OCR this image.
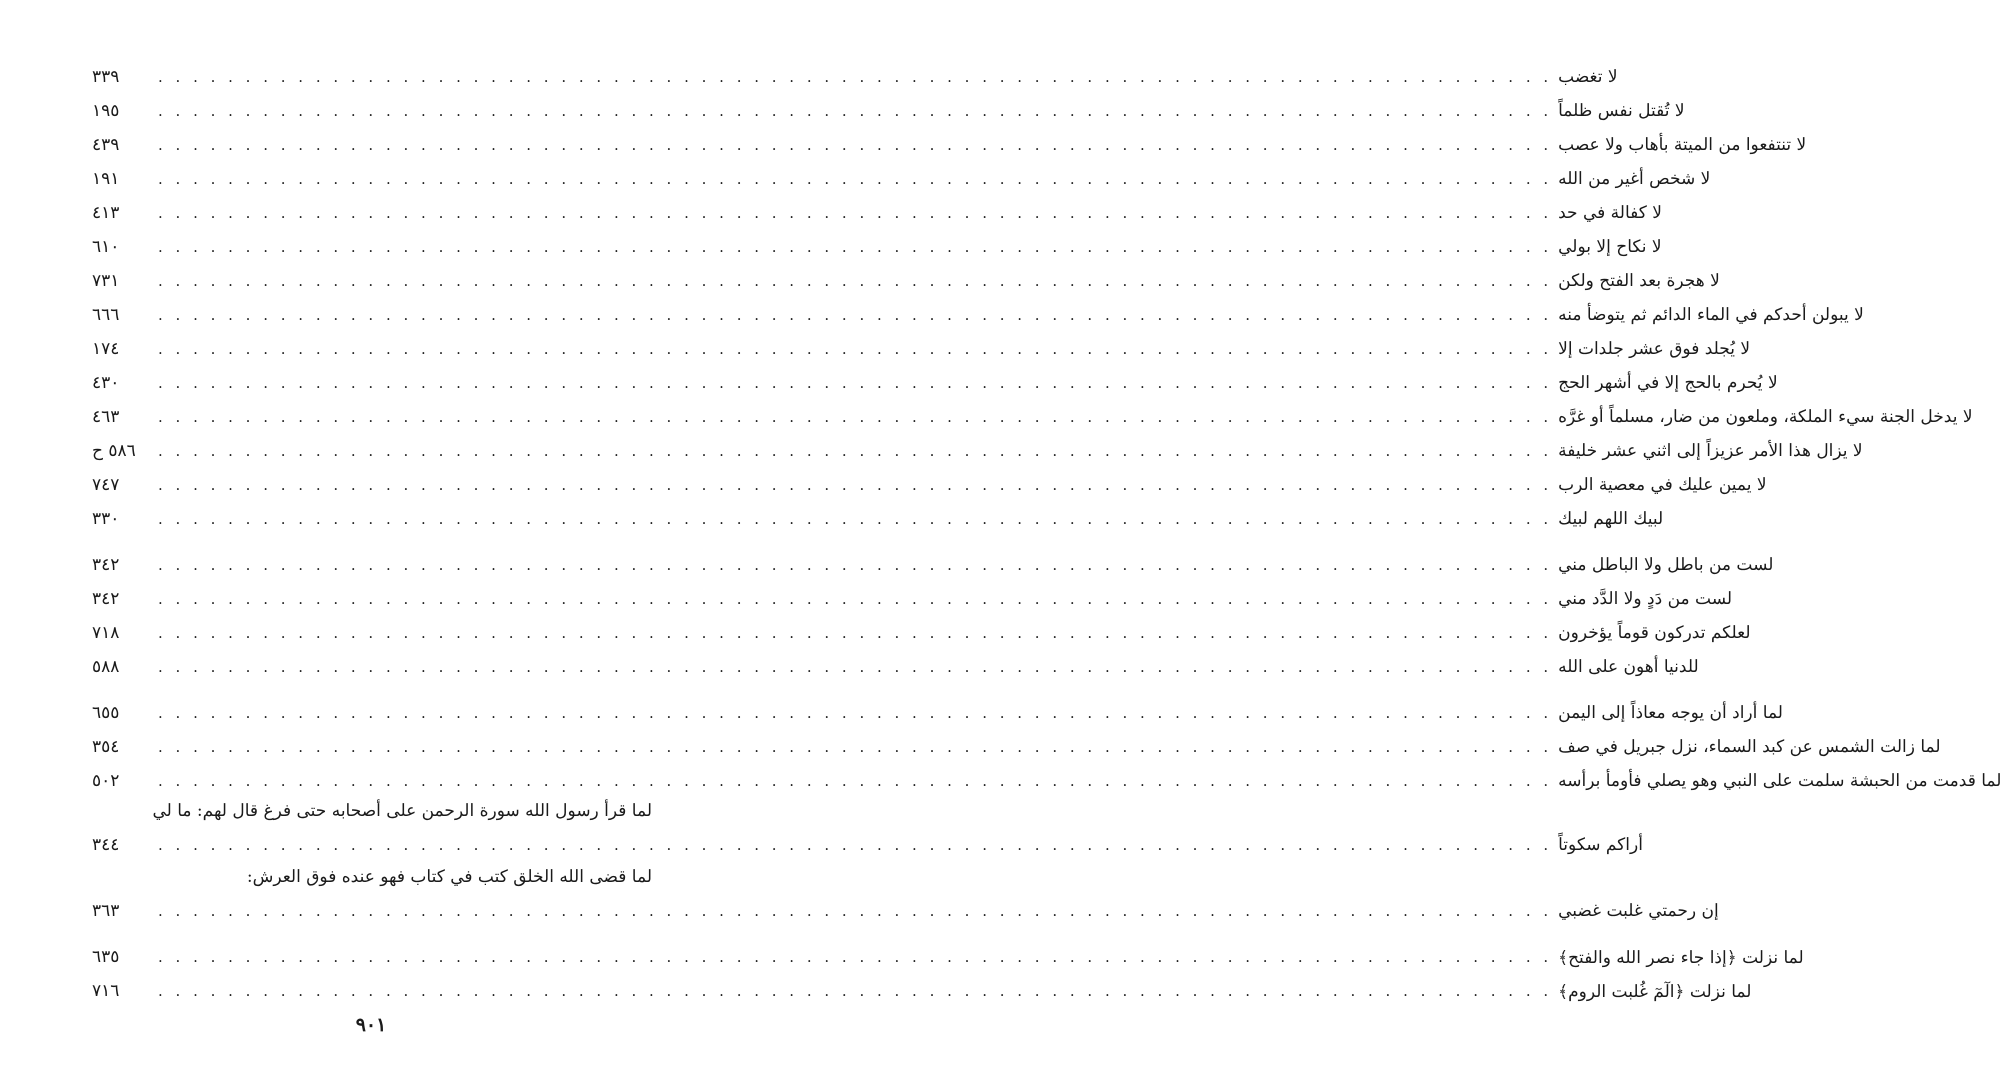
٣٣٩	. . . . . . . . . . . . . . . . . . . . . . . . . . . . . . . . . . . . . . . . . . . . . . . . . . . . . . . . . . . . . . . . . . . . . . . . . . . . . . . . لا تغضب
١٩٥	. . . . . . . . . . . . . . . . . . . . . . . . . . . . . . . . . . . . . . . . . . . . . . . . . . . . . . . . . . . . . . . . . . . . . . . . . . . . . . . . لا تُقتل نفس ظلماً
٤٣٩	. . . . . . . . . . . . . . . . . . . . . . . . . . . . . . . . . . . . . . . . . . . . . . . . . . . . . . . . . . . . . . . . . . . . . . . . . . . . . . . . لا تنتفعوا من الميتة بأهاب ولا عصب
١٩١	. . . . . . . . . . . . . . . . . . . . . . . . . . . . . . . . . . . . . . . . . . . . . . . . . . . . . . . . . . . . . . . . . . . . . . . . . . . . . . . . لا شخص أغير من الله
٤١٣	. . . . . . . . . . . . . . . . . . . . . . . . . . . . . . . . . . . . . . . . . . . . . . . . . . . . . . . . . . . . . . . . . . . . . . . . . . . . . . . . لا كفالة في حد
٦١٠	. . . . . . . . . . . . . . . . . . . . . . . . . . . . . . . . . . . . . . . . . . . . . . . . . . . . . . . . . . . . . . . . . . . . . . . . . . . . . . . . لا نكاح إلا بولي
٧٣١	. . . . . . . . . . . . . . . . . . . . . . . . . . . . . . . . . . . . . . . . . . . . . . . . . . . . . . . . . . . . . . . . . . . . . . . . . . . . . . . . لا هجرة بعد الفتح ولكن
٦٦٦	. . . . . . . . . . . . . . . . . . . . . . . . . . . . . . . . . . . . . . . . . . . . . . . . . . . . . . . . . . . . . . . . . . . . . . . . . . . . . . . . لا يبولن أحدكم في الماء الدائم ثم يتوضأ منه
١٧٤	. . . . . . . . . . . . . . . . . . . . . . . . . . . . . . . . . . . . . . . . . . . . . . . . . . . . . . . . . . . . . . . . . . . . . . . . . . . . . . . . لا يُجلد فوق عشر جلدات إلا
٤٣٠	. . . . . . . . . . . . . . . . . . . . . . . . . . . . . . . . . . . . . . . . . . . . . . . . . . . . . . . . . . . . . . . . . . . . . . . . . . . . . . . . لا يُحرم بالحج إلا في أشهر الحج
٤٦٣	. . . . . . . . . . . . . . . . . . . . . . . . . . . . . . . . . . . . . . . . . . . . . . . . . . . . . . . . . . . . . . . . . . . . . . . . . . . . . . . . لا يدخل الجنة سيء الملكة، وملعون من ضار، مسلماً أو غرَّه
٥٨٦ ح	. . . . . . . . . . . . . . . . . . . . . . . . . . . . . . . . . . . . . . . . . . . . . . . . . . . . . . . . . . . . . . . . . . . . . . . . . . . . . . . . لا يزال هذا الأمر عزيزاً إلى اثني عشر خليفة
٧٤٧	. . . . . . . . . . . . . . . . . . . . . . . . . . . . . . . . . . . . . . . . . . . . . . . . . . . . . . . . . . . . . . . . . . . . . . . . . . . . . . . . لا يمين عليك في معصية الرب
٣٣٠	. . . . . . . . . . . . . . . . . . . . . . . . . . . . . . . . . . . . . . . . . . . . . . . . . . . . . . . . . . . . . . . . . . . . . . . . . . . . . . . . لبيك اللهم لبيك
٣٤٢	. . . . . . . . . . . . . . . . . . . . . . . . . . . . . . . . . . . . . . . . . . . . . . . . . . . . . . . . . . . . . . . . . . . . . . . . . . . . . . . . لست من باطل ولا الباطل مني
٣٤٢	. . . . . . . . . . . . . . . . . . . . . . . . . . . . . . . . . . . . . . . . . . . . . . . . . . . . . . . . . . . . . . . . . . . . . . . . . . . . . . . . لست من دَدٍ ولا الدَّد مني
٧١٨	. . . . . . . . . . . . . . . . . . . . . . . . . . . . . . . . . . . . . . . . . . . . . . . . . . . . . . . . . . . . . . . . . . . . . . . . . . . . . . . . لعلكم تدركون قوماً يؤخرون
٥٨٨	. . . . . . . . . . . . . . . . . . . . . . . . . . . . . . . . . . . . . . . . . . . . . . . . . . . . . . . . . . . . . . . . . . . . . . . . . . . . . . . . للدنيا أهون على الله
٦٥٥	. . . . . . . . . . . . . . . . . . . . . . . . . . . . . . . . . . . . . . . . . . . . . . . . . . . . . . . . . . . . . . . . . . . . . . . . . . . . . . . . لما أراد أن يوجه معاذاً إلى اليمن
٣٥٤	. . . . . . . . . . . . . . . . . . . . . . . . . . . . . . . . . . . . . . . . . . . . . . . . . . . . . . . . . . . . . . . . . . . . . . . . . . . . . . . . لما زالت الشمس عن كبد السماء، نزل جبريل في صف
٥٠٢	. . . . . . . . . . . . . . . . . . . . . . . . . . . . . . . . . . . . . . . . . . . . . . . . . . . . . . . . . . . . . . . . . . . . . . . . . . . . . . . . لما قدمت من الحبشة سلمت على النبي وهو يصلي فأومأ برأسه
لما قرأ رسول الله سورة الرحمن على أصحابه حتى فرغ قال لهم: ما لي
٣٤٤	. . . . . . . . . . . . . . . . . . . . . . . . . . . . . . . . . . . . . . . . . . . . . . . . . . . . . . . . . . . . . . . . . . . . . . . . . . . . . . . . أراكم سكوتاً
لما قضى الله الخلق كتب في كتاب فهو عنده فوق العرش:
٣٦٣	. . . . . . . . . . . . . . . . . . . . . . . . . . . . . . . . . . . . . . . . . . . . . . . . . . . . . . . . . . . . . . . . . . . . . . . . . . . . . . . . إن رحمتي غلبت غضبي
٦٣٥	. . . . . . . . . . . . . . . . . . . . . . . . . . . . . . . . . . . . . . . . . . . . . . . . . . . . . . . . . . . . . . . . . . . . . . . . . . . . . . . . لما نزلت ﴿إذا جاء نصر الله والفتح﴾
٧١٦	. . . . . . . . . . . . . . . . . . . . . . . . . . . . . . . . . . . . . . . . . . . . . . . . . . . . . . . . . . . . . . . . . . . . . . . . . . . . . . . . لما نزلت ﴿الٓمٓ غُلبت الروم﴾
٩٠١
